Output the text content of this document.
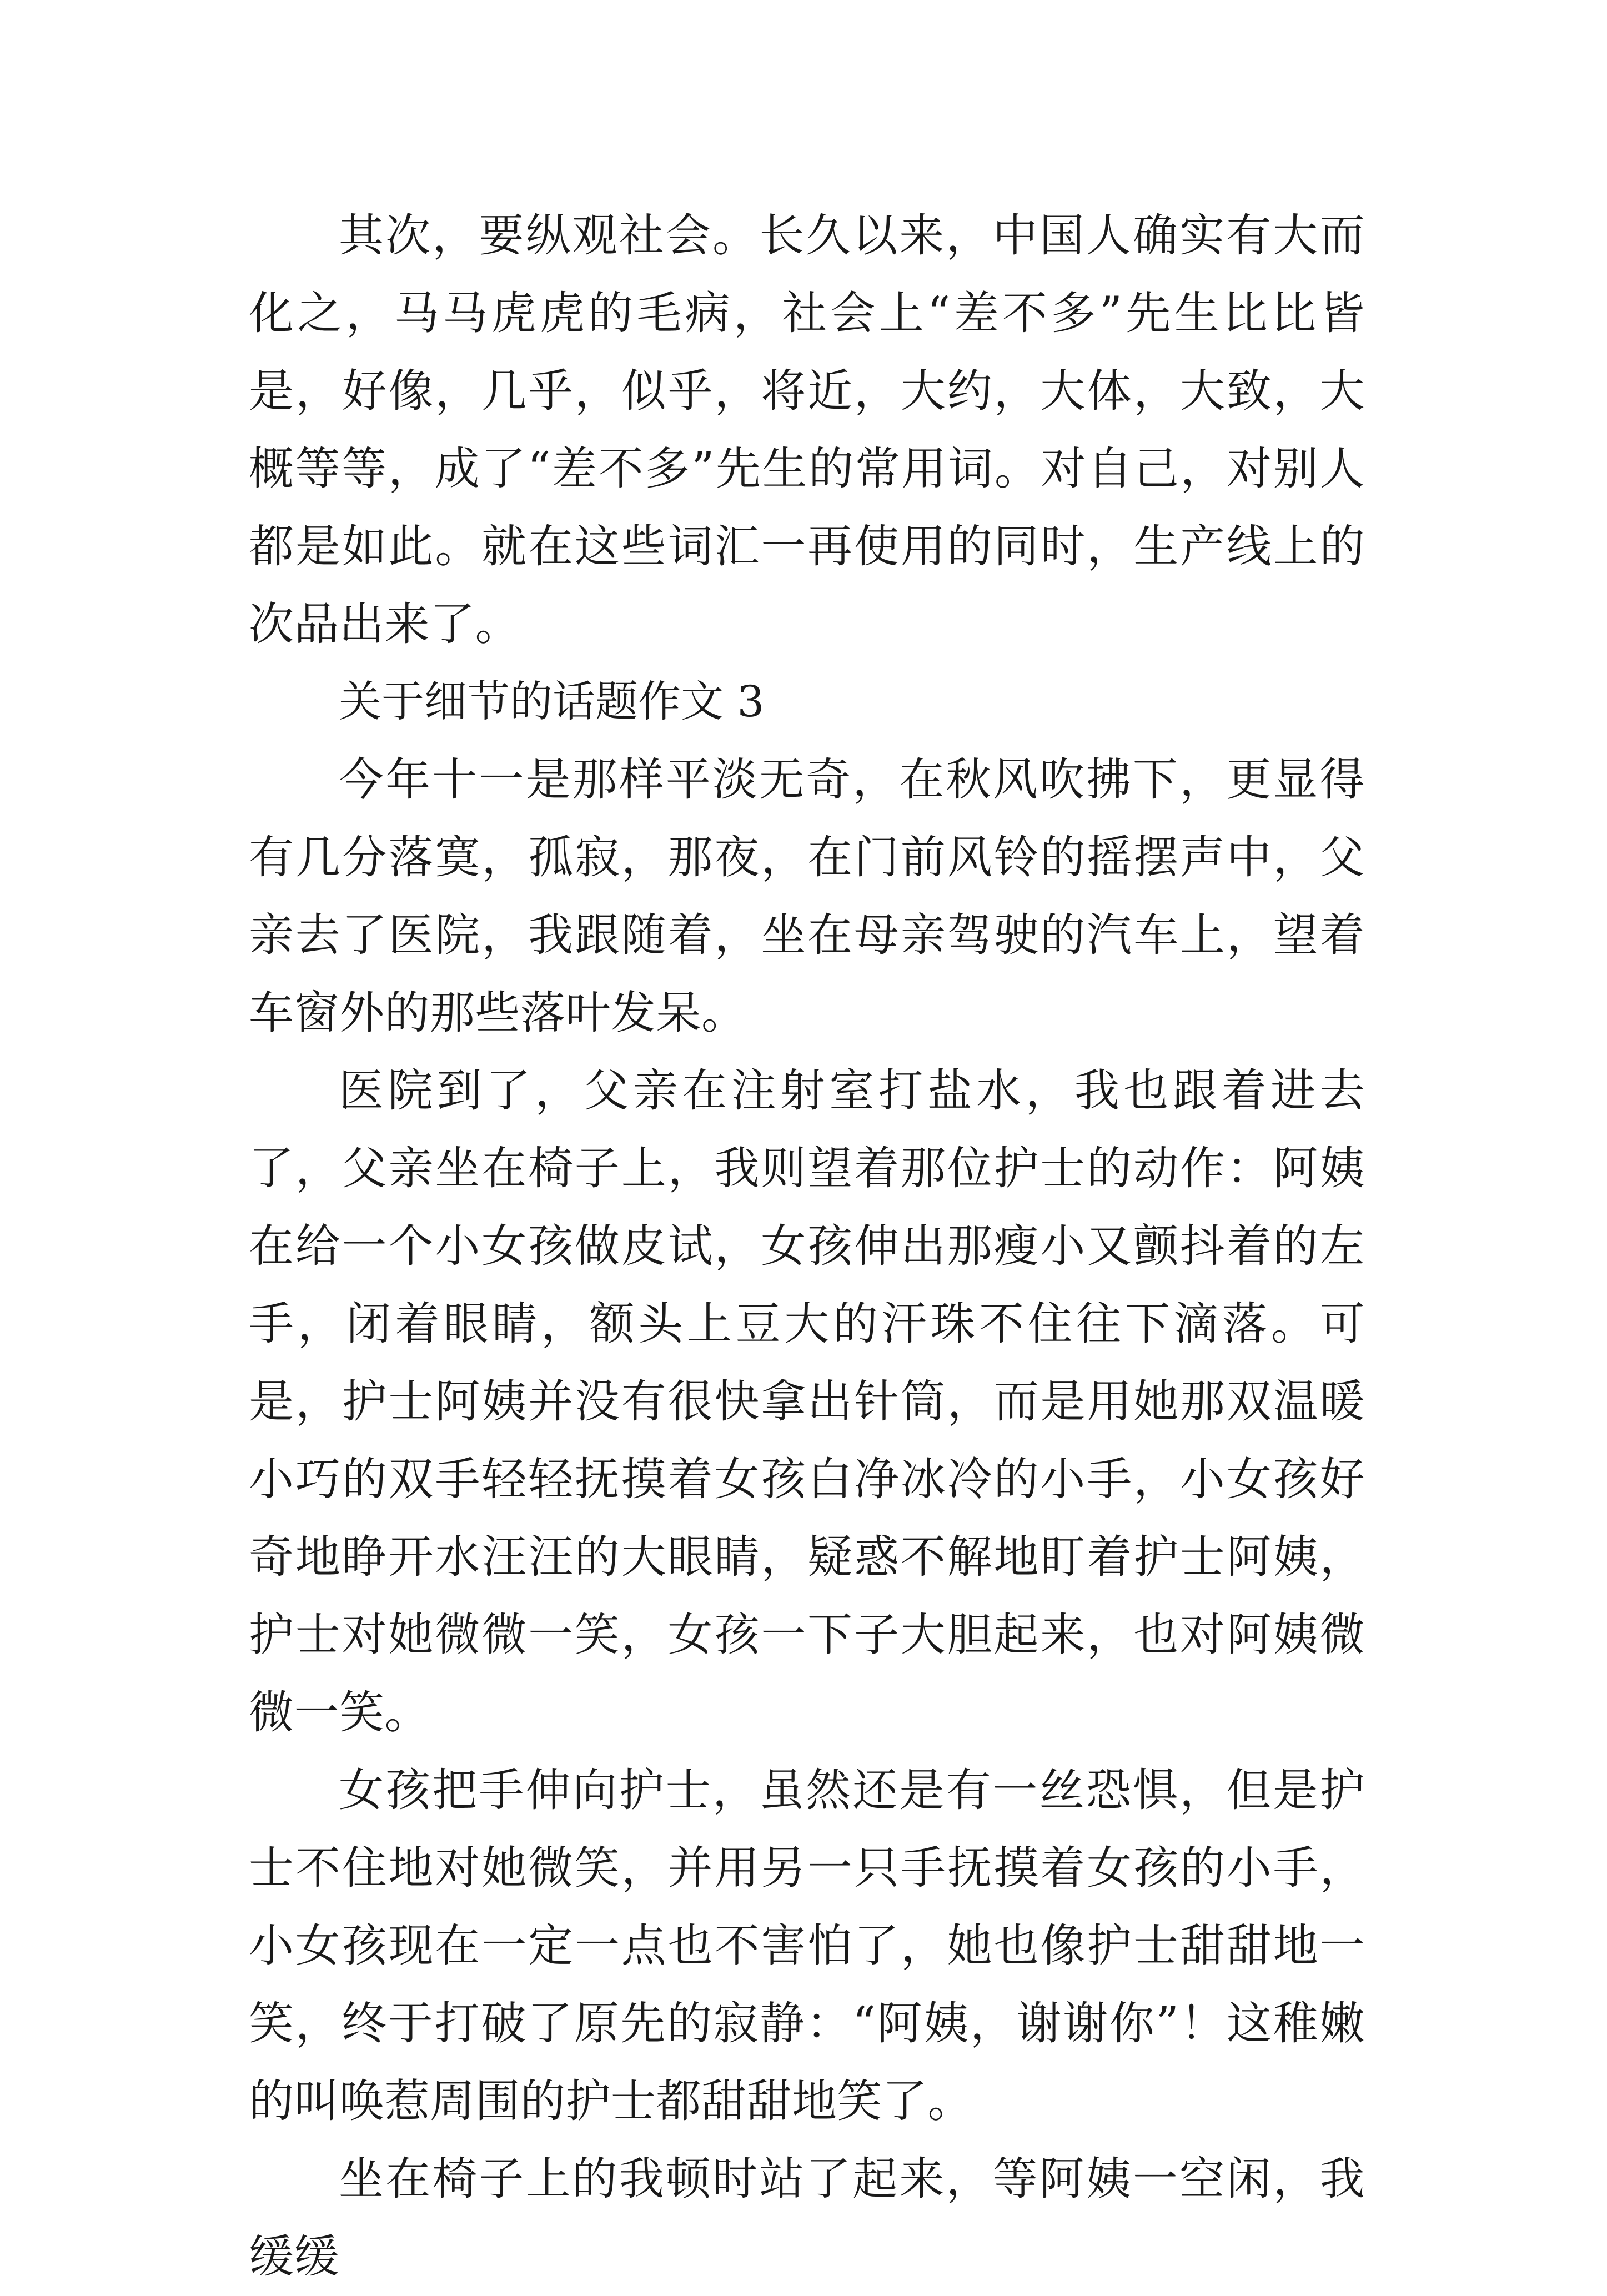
其次，要纵观社会。长久以来，中国人确实有大而化之，马马虎虎的毛病，社会上“差不多”先生比比皆是，好像，几乎，似乎，将近，大约，大体，大致，大概等等，成了“差不多”先生的常用词。对自己，对别人都是如此。就在这些词汇一再使用的同时，生产线上的次品出来了。

关于细节的话题作文 3

今年十一是那样平淡无奇，在秋风吹拂下，更显得有几分落寞，孤寂，那夜，在门前风铃的摇摆声中，父亲去了医院，我跟随着，坐在母亲驾驶的汽车上，望着车窗外的那些落叶发呆。

医院到了，父亲在注射室打盐水，我也跟着进去了，父亲坐在椅子上，我则望着那位护士的动作：阿姨在给一个小女孩做皮试，女孩伸出那瘦小又颤抖着的左手，闭着眼睛，额头上豆大的汗珠不住往下滴落。可是，护士阿姨并没有很快拿出针筒，而是用她那双温暖小巧的双手轻轻抚摸着女孩白净冰冷的小手，小女孩好奇地睁开水汪汪的大眼睛，疑惑不解地盯着护士阿姨，护士对她微微一笑，女孩一下子大胆起来，也对阿姨微微一笑。

女孩把手伸向护士，虽然还是有一丝恐惧，但是护士不住地对她微笑，并用另一只手抚摸着女孩的小手，小女孩现在一定一点也不害怕了，她也像护士甜甜地一笑，终于打破了原先的寂静：“阿姨，谢谢你”！这稚嫩的叫唤惹周围的护士都甜甜地笑了。

坐在椅子上的我顿时站了起来，等阿姨一空闲，我缓缓
